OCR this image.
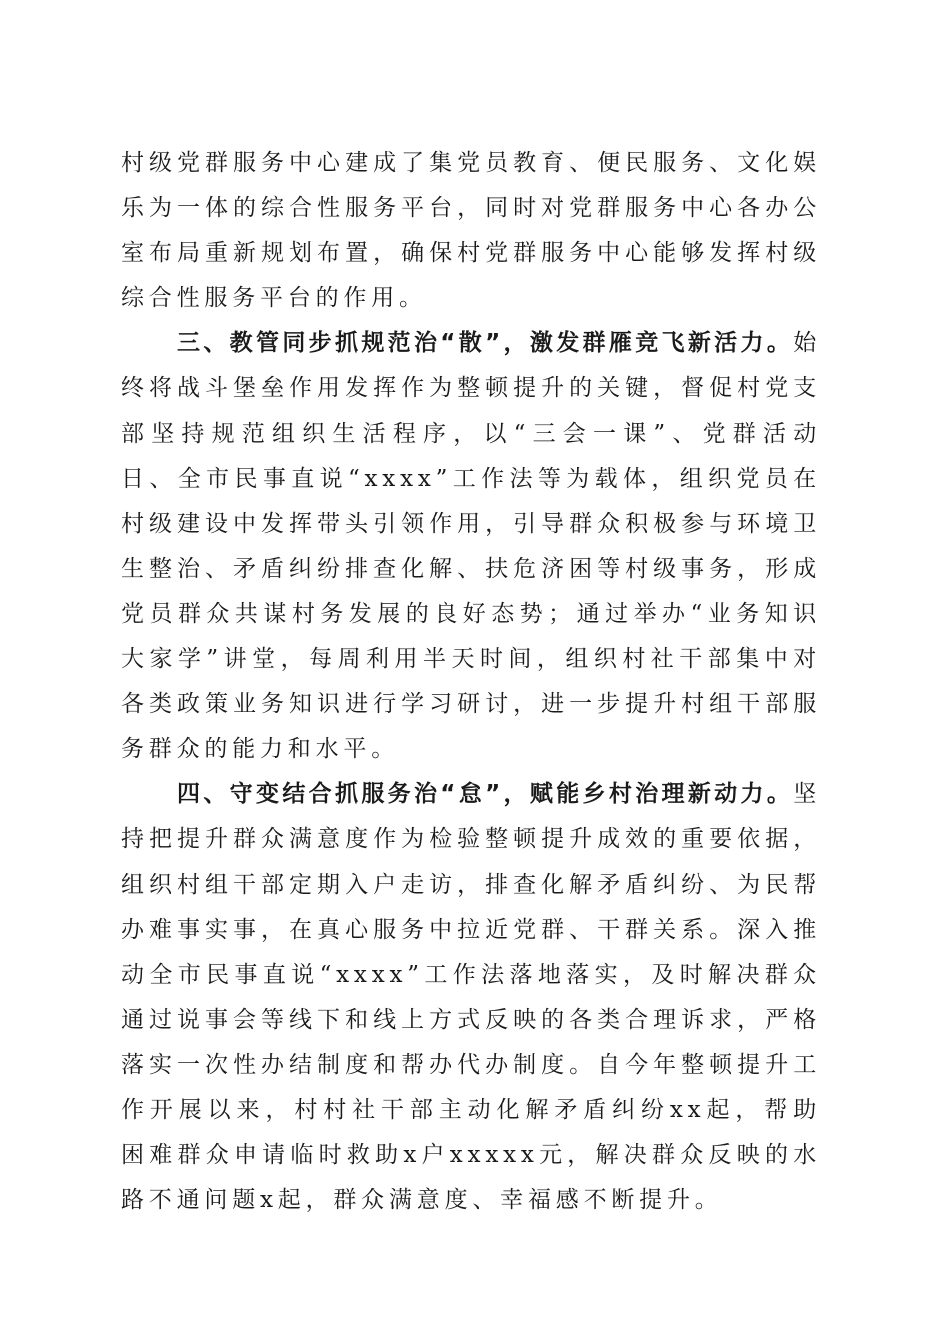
村级党群服务中心建成了集党员教育、便民服务、文化娱乐为一体的综合性服务平台，同时对党群服务中心各办公室布局重新规划布置，确保村党群服务中心能够发挥村级综合性服务平台的作用。

三、教管同步抓规范治“散”，激发群雁竞飞新活力。始终将战斗堡垒作用发挥作为整顿提升的关键，督促村党支部坚持规范组织生活程序，以“三会一课”、党群活动日、全市民事直说“xxxx”工作法等为载体，组织党员在村级建设中发挥带头引领作用，引导群众积极参与环境卫生整治、矛盾纠纷排查化解、扶危济困等村级事务，形成党员群众共谋村务发展的良好态势；通过举办“业务知识大家学”讲堂，每周利用半天时间，组织村社干部集中对各类政策业务知识进行学习研讨，进一步提升村组干部服务群众的能力和水平。

四、守变结合抓服务治“怠”，赋能乡村治理新动力。坚持把提升群众满意度作为检验整顿提升成效的重要依据，组织村组干部定期入户走访，排查化解矛盾纠纷、为民帮办难事实事，在真心服务中拉近党群、干群关系。深入推动全市民事直说“xxxx”工作法落地落实，及时解决群众通过说事会等线下和线上方式反映的各类合理诉求，严格落实一次性办结制度和帮办代办制度。自今年整顿提升工作开展以来，村村社干部主动化解矛盾纠纷xx起，帮助困难群众申请临时救助x户xxxxx元，解决群众反映的水路不通问题x起，群众满意度、幸福感不断提升。
